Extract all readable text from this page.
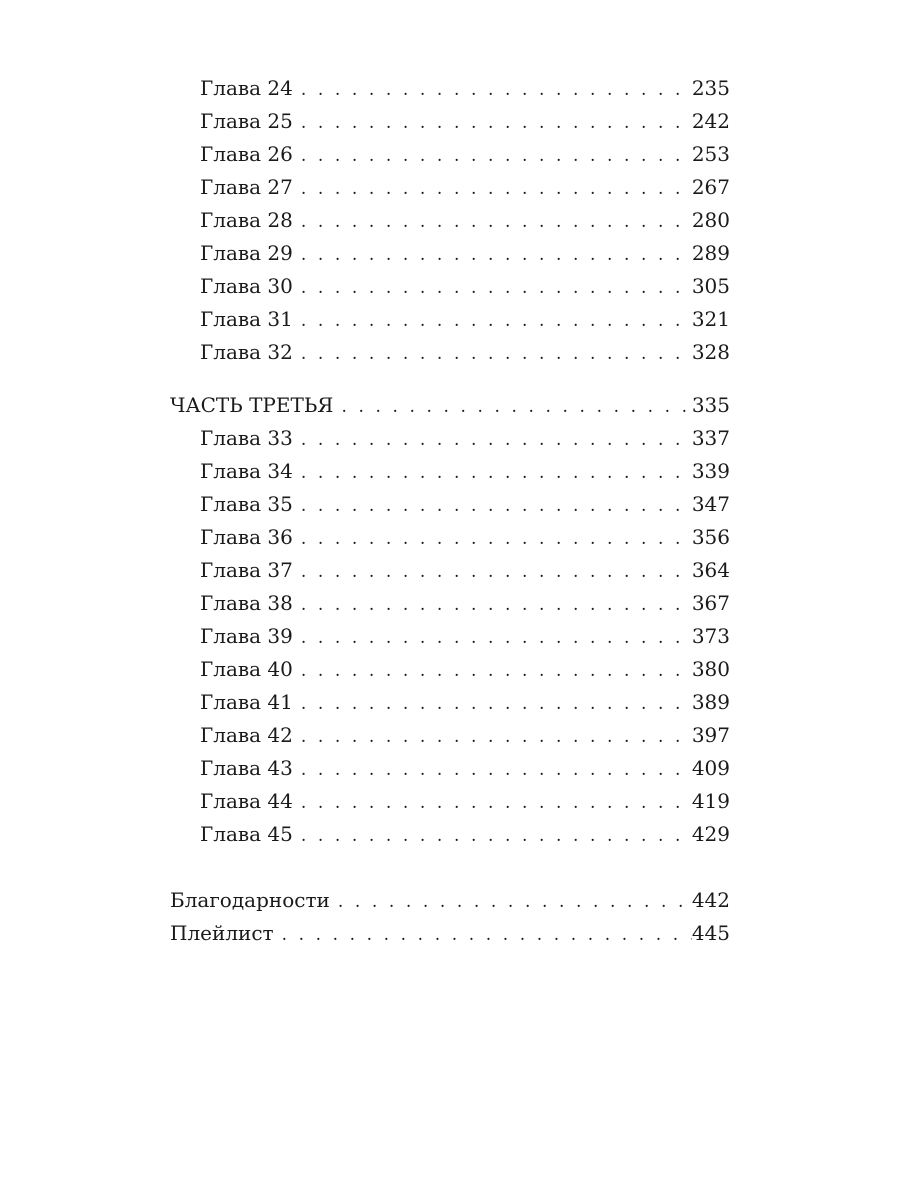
Глава 24 . . .	235
Глава 25 . . .	242
Глава 26 . . .	253
Глава 27 . . .	267
Глава 28 . . .	280
Глава 29 . . .	289
Глава 30 . . .	305
Глава 31 . . .	321
Глава 32 . . .	328
ЧАСТЬ ТРЕТЬЯ . . .	335
Глава 33 . . .	337
Глава 34 . . .	339
Глава 35 . . .	347
Глава 36 . . .	356
Глава 37 . . .	364
Глава 38 . . .	367
Глава 39 . . .	373
Глава 40 . . .	380
Глава 41 . . .	389
Глава 42 . . .	397
Глава 43 . . .	409
Глава 44 . . .	419
Глава 45 . . .	429
Благодарности . . .	442
Плейлист . . .	445
